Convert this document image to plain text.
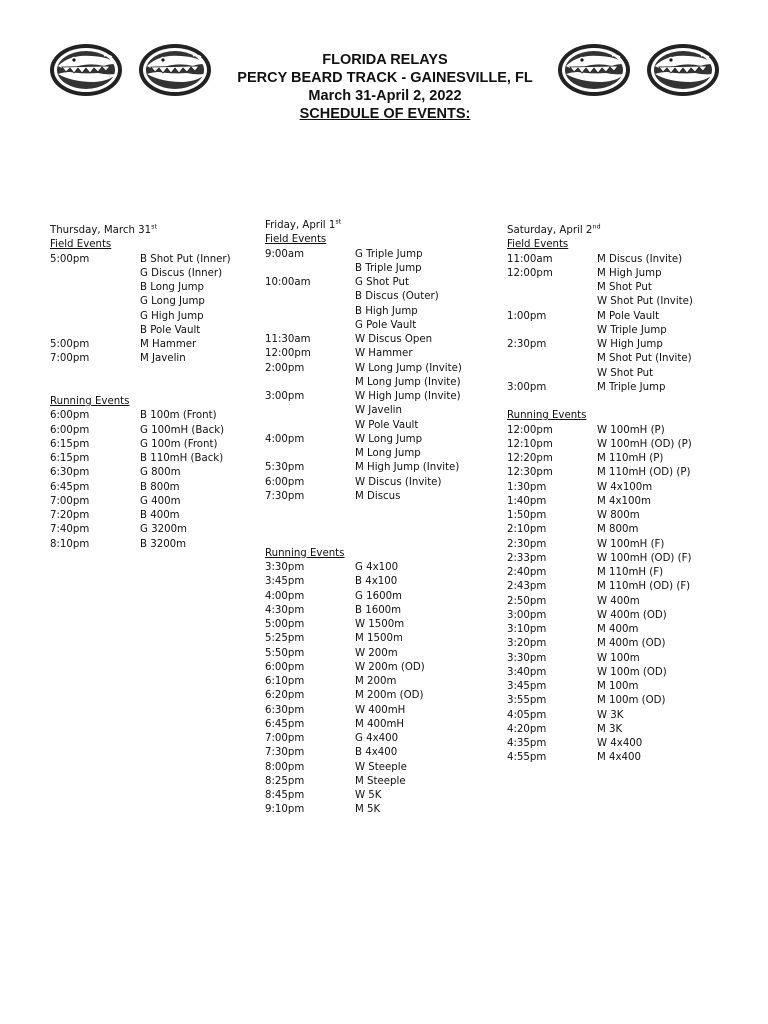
FLORIDA RELAYS
PERCY BEARD TRACK - GAINESVILLE, FL
March 31-April 2, 2022
SCHEDULE OF EVENTS:
Thursday, March 31st
Field Events
5:00pm	B Shot Put (Inner)
G Discus (Inner)
B Long Jump
G Long Jump
G High Jump
B Pole Vault
5:00pm	M Hammer
7:00pm	M Javelin
Running Events
6:00pm	B 100m (Front)
6:00pm	G 100mH (Back)
6:15pm	G 100m (Front)
6:15pm	B 110mH (Back)
6:30pm	G 800m
6:45pm	B 800m
7:00pm	G 400m
7:20pm	B 400m
7:40pm	G 3200m
8:10pm	B 3200m
Friday, April 1st
Field Events
9:00am	G Triple Jump
B Triple Jump
10:00am	G Shot Put
B Discus (Outer)
B High Jump
G Pole Vault
11:30am	W Discus Open
12:00pm	W Hammer
2:00pm	W Long Jump (Invite)
M Long Jump (Invite)
3:00pm	W High Jump (Invite)
W Javelin
W Pole Vault
4:00pm	W Long Jump
M Long Jump
5:30pm	M High Jump (Invite)
6:00pm	W Discus (Invite)
7:30pm	M Discus
Running Events
3:30pm	G 4x100
3:45pm	B 4x100
4:00pm	G 1600m
4:30pm	B 1600m
5:00pm	W 1500m
5:25pm	M 1500m
5:50pm	W 200m
6:00pm	W 200m (OD)
6:10pm	M 200m
6:20pm	M 200m (OD)
6:30pm	W 400mH
6:45pm	M 400mH
7:00pm	G 4x400
7:30pm	B 4x400
8:00pm	W Steeple
8:25pm	M Steeple
8:45pm	W 5K
9:10pm	M 5K
Saturday, April 2nd
Field Events
11:00am	M Discus (Invite)
12:00pm	M High Jump
M Shot Put
W Shot Put (Invite)
1:00pm	M Pole Vault
W Triple Jump
2:30pm	W High Jump
M Shot Put (Invite)
W Shot Put
3:00pm	M Triple Jump
Running Events
12:00pm	W 100mH (P)
12:10pm	W 100mH (OD) (P)
12:20pm	M 110mH (P)
12:30pm	M 110mH (OD) (P)
1:30pm	W 4x100m
1:40pm	M 4x100m
1:50pm	W 800m
2:10pm	M 800m
2:30pm	W 100mH (F)
2:33pm	W 100mH (OD) (F)
2:40pm	M 110mH (F)
2:43pm	M 110mH (OD) (F)
2:50pm	W 400m
3:00pm	W 400m (OD)
3:10pm	M 400m
3:20pm	M 400m (OD)
3:30pm	W 100m
3:40pm	W 100m (OD)
3:45pm	M 100m
3:55pm	M 100m (OD)
4:05pm	W 3K
4:20pm	M 3K
4:35pm	W 4x400
4:55pm	M 4x400
